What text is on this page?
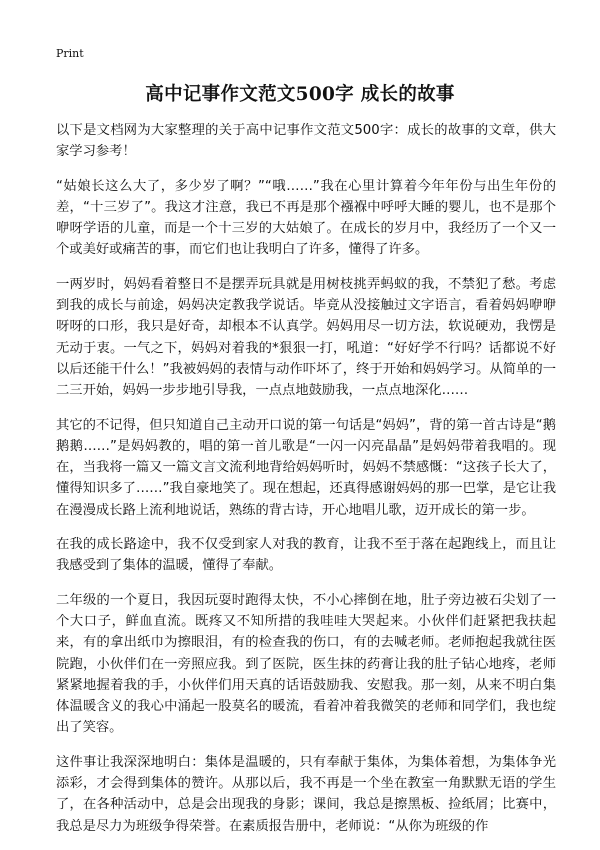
Print
高中记事作文范文500字 成长的故事

以下是文档网为大家整理的关于高中记事作文范文500字：成长的故事的文章，供大家学习参考！

“姑娘长这么大了，多少岁了啊？”“哦……”我在心里计算着今年年份与出生年份的差，“十三岁了”。我这才注意，我已不再是那个襁褓中呼呼大睡的婴儿，也不是那个咿呀学语的儿童，而是一个十三岁的大姑娘了。在成长的岁月中，我经历了一个又一个或美好或痛苦的事，而它们也让我明白了许多，懂得了许多。

一两岁时，妈妈看着整日不是摆弄玩具就是用树枝挑弄蚂蚁的我，不禁犯了愁。考虑到我的成长与前途，妈妈决定教我学说话。毕竟从没接触过文字语言，看着妈妈咿咿呀呀的口形，我只是好奇，却根本不认真学。妈妈用尽一切方法，软说硬劝，我愣是无动于衷。一气之下，妈妈对着我的*狠狠一打，吼道：“好好学不行吗？话都说不好以后还能干什么！”我被妈妈的表情与动作吓坏了，终于开始和妈妈学习。从简单的一二三开始，妈妈一步步地引导我，一点点地鼓励我，一点点地深化……

其它的不记得，但只知道自己主动开口说的第一句话是“妈妈”，背的第一首古诗是“鹅鹅鹅……”是妈妈教的，唱的第一首儿歌是“一闪一闪亮晶晶”是妈妈带着我唱的。现在，当我将一篇又一篇文言文流利地背给妈妈听时，妈妈不禁感慨：“这孩子长大了，懂得知识多了……”我自豪地笑了。现在想起，还真得感谢妈妈的那一巴掌，是它让我在漫漫成长路上流利地说话，熟练的背古诗，开心地唱儿歌，迈开成长的第一步。

在我的成长路途中，我不仅受到家人对我的教育，让我不至于落在起跑线上，而且让我感受到了集体的温暖，懂得了奉献。

二年级的一个夏日，我因玩耍时跑得太快，不小心摔倒在地，肚子旁边被石尖划了一个大口子，鲜血直流。既疼又不知所措的我哇哇大哭起来。小伙伴们赶紧把我扶起来，有的拿出纸巾为擦眼泪，有的检查我的伤口，有的去喊老师。老师抱起我就往医院跑，小伙伴们在一旁照应我。到了医院，医生抹的药膏让我的肚子钻心地疼，老师紧紧地握着我的手，小伙伴们用天真的话语鼓励我、安慰我。那一刻，从来不明白集体温暖含义的我心中涌起一股莫名的暖流，看着冲着我微笑的老师和同学们，我也绽出了笑容。

这件事让我深深地明白：集体是温暖的，只有奉献于集体，为集体着想，为集体争光添彩，才会得到集体的赞许。从那以后，我不再是一个坐在教室一角默默无语的学生了，在各种活动中，总是会出现我的身影；课间，我总是擦黑板、捡纸屑；比赛中，我总是尽力为班级争得荣誉。在素质报告册中，老师说：“从你为班级的作
